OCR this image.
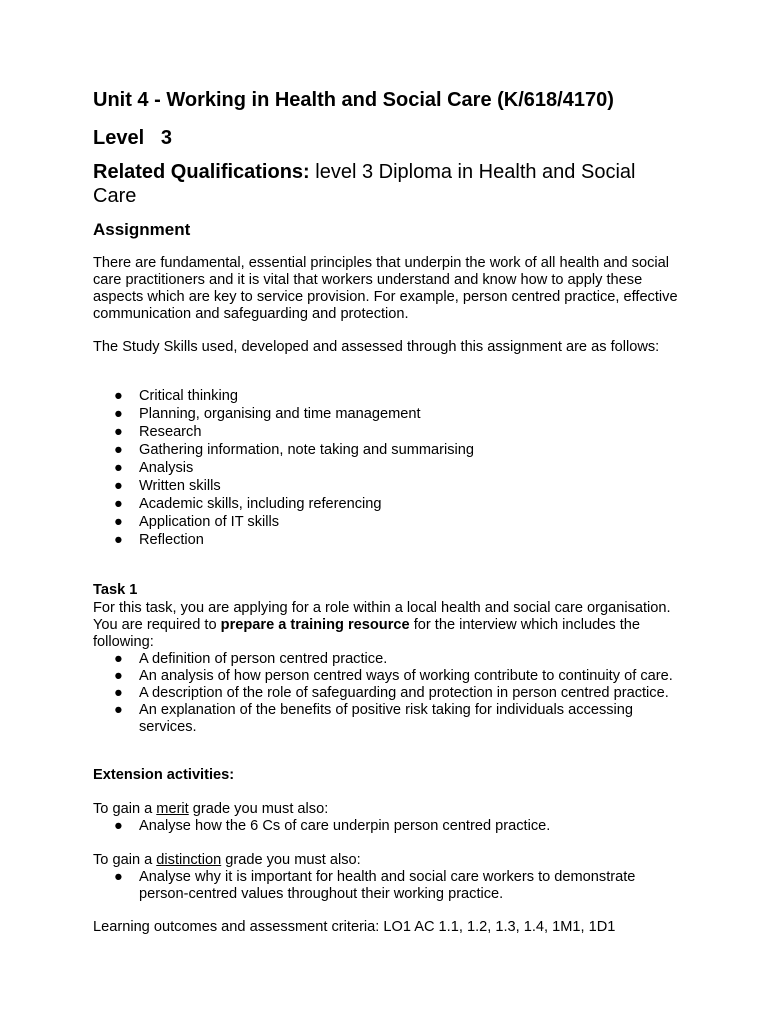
Unit 4 - Working in Health and Social Care (K/618/4170)
Level   3
Related Qualifications: level 3 Diploma in Health and Social Care
Assignment
There are fundamental, essential principles that underpin the work of all health and social care practitioners and it is vital that workers understand and know how to apply these aspects which are key to service provision. For example, person centred practice, effective communication and safeguarding and protection.
The Study Skills used, developed and assessed through this assignment are as follows:
● Critical thinking
● Planning, organising and time management
● Research
● Gathering information, note taking and summarising
● Analysis
● Written skills
● Academic skills, including referencing
● Application of IT skills
● Reflection
Task 1
For this task, you are applying for a role within a local health and social care organisation. You are required to prepare a training resource for the interview which includes the following:
● A definition of person centred practice.
● An analysis of how person centred ways of working contribute to continuity of care.
● A description of the role of safeguarding and protection in person centred practice.
● An explanation of the benefits of positive risk taking for individuals accessing services.
Extension activities:
To gain a merit grade you must also:
● Analyse how the 6 Cs of care underpin person centred practice.
To gain a distinction grade you must also:
● Analyse why it is important for health and social care workers to demonstrate person-centred values throughout their working practice.
Learning outcomes and assessment criteria: LO1 AC 1.1, 1.2, 1.3, 1.4, 1M1, 1D1
